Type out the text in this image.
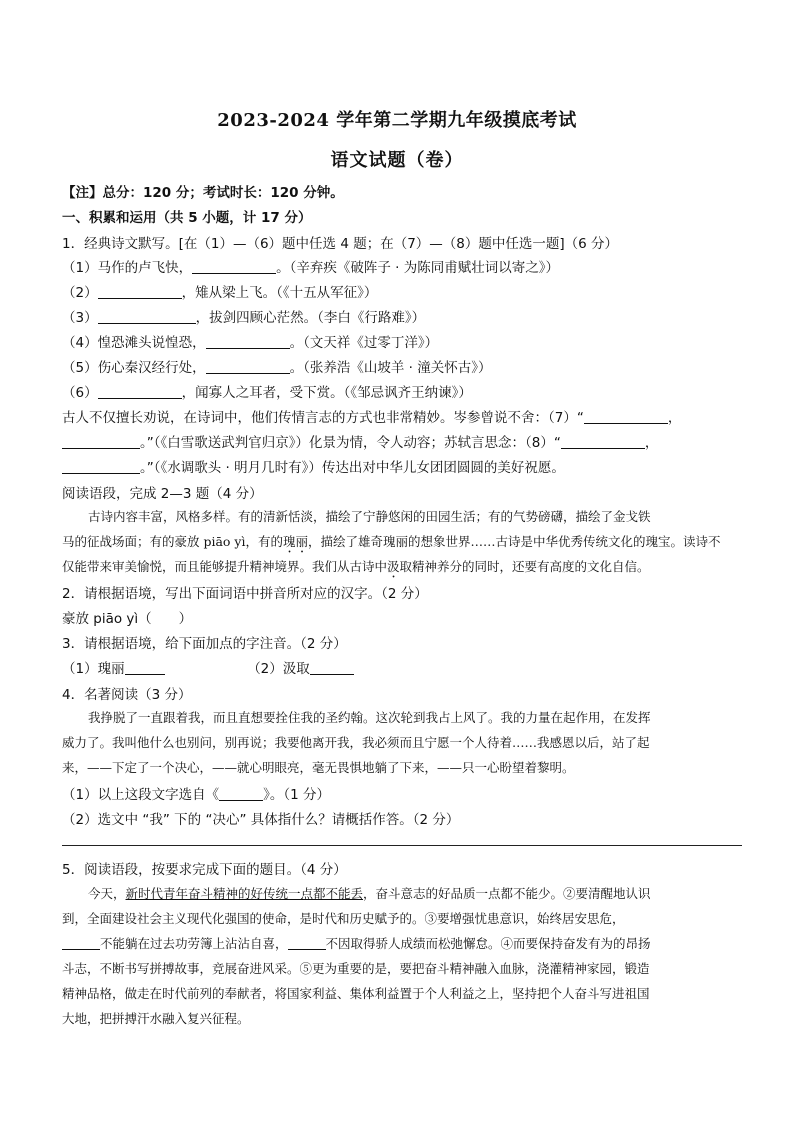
2023-2024 学年第二学期九年级摸底考试
语文试题（卷）
【注】总分：120 分；考试时长：120 分钟。
一、积累和运用（共 5 小题，计 17 分）
1．经典诗文默写。[在（1）—（6）题中任选 4 题；在（7）—（8）题中任选一题]（6 分）
（1）马作的卢飞快，	。（辛弃疾《破阵子 · 为陈同甫赋壮词以寄之》）
（2）	，雉从梁上飞。（《十五从军征》）
（3）	，拔剑四顾心茫然。（李白《行路难》）
（4）惶恐滩头说惶恐，	。（文天祥《过零丁洋》）
（5）伤心秦汉经行处，	。（张养浩《山坡羊 · 潼关怀古》）
（6）	，闻寡人之耳者，受下赏。（《邹忌讽齐王纳谏》）
古人不仅擅长劝说，在诗词中，他们传情言志的方式也非常精妙。岑参曾说不舍：（7）“	，
。”（《白雪歌送武判官归京》）化景为情，令人动容；苏轼言思念：（8）“	，
。”（《水调歌头 · 明月几时有》）传达出对中华儿女团团圆圆的美好祝愿。
阅读语段，完成 2—3 题（4 分）
古诗内容丰富，风格多样。有的清新恬淡，描绘了宁静悠闲的田园生活；有的气势磅礴，描绘了金戈铁
马的征战场面；有的豪放 piāo yì，有的瑰丽，描绘了雄奇瑰丽的想象世界……古诗是中华优秀传统文化的瑰宝。读诗不
仅能带来审美愉悦，而且能够提升精神境界。我们从古诗中汲取精神养分的同时，还要有高度的文化自信。
2．请根据语境，写出下面词语中拼音所对应的汉字。（2 分）
豪放 piāo yì（　　）
3．请根据语境，给下面加点的字注音。（2 分）
（1）瑰丽	（2）汲取
4．名著阅读（3 分）
我挣脱了一直跟着我，而且直想要拴住我的圣约翰。这次轮到我占上风了。我的力量在起作用，在发挥
威力了。我叫他什么也别问，别再说；我要他离开我，我必须而且宁愿一个人待着……我感恩以后，站了起
来，——下定了一个决心，——就心明眼亮，毫无畏惧地躺了下来，——只一心盼望着黎明。
（1）以上这段文字选自《	》。（1 分）
（2）选文中 “我” 下的 “决心” 具体指什么？请概括作答。（2 分）
5．阅读语段，按要求完成下面的题目。（4 分）
今天，新时代青年奋斗精神的好传统一点都不能丢，奋斗意志的好品质一点都不能少。②要清醒地认识
到，全面建设社会主义现代化强国的使命，是时代和历史赋予的。③要增强忧患意识，始终居安思危，
不能躺在过去功劳簿上沾沾自喜，	不因取得骄人成绩而松弛懈怠。④而要保持奋发有为的昂扬
斗志，不断书写拼搏故事，竞展奋进风采。⑤更为重要的是，要把奋斗精神融入血脉，浇灌精神家园，锻造
精神品格，做走在时代前列的奉献者，将国家利益、集体利益置于个人利益之上，坚持把个人奋斗写进祖国
大地，把拼搏汗水融入复兴征程。
